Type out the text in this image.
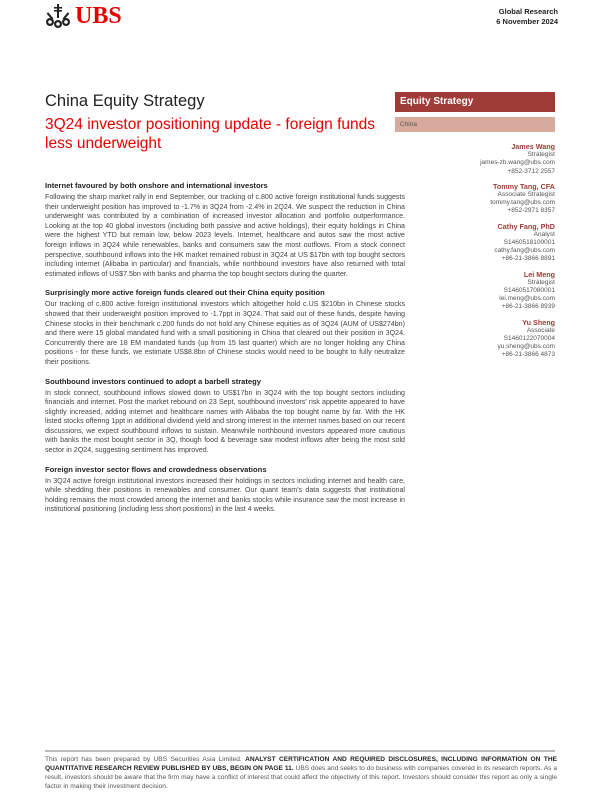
UBS	Global Research
6 November 2024
China Equity Strategy
3Q24 investor positioning update - foreign funds less underweight
Equity Strategy
China
James Wang
Strategist
james-zb.wang@ubs.com
+852-3712 2557
Tommy Tang, CFA
Associate Strategist
tommy.tang@ubs.com
+852-2971 8357
Cathy Fang, PhD
Analyst
S1460518100001
cathy.fang@ubs.com
+86-21-3866 8891
Lei Meng
Strategist
S1460517080001
lei.meng@ubs.com
+86-21-3866 8939
Yu Sheng
Associate
S1460122070004
yu.sheng@ubs.com
+86-21-3866 4873
Internet favoured by both onshore and international investors

Following the sharp market rally in end September, our tracking of c.800 active foreign institutional funds suggests their underweight position has improved to -1.7% in 3Q24 from -2.4% in 2Q24. We suspect the reduction in China underweight was contributed by a combination of increased investor allocation and portfolio outperformance. Looking at the top 40 global investors (including both passive and active holdings), their equity holdings in China were the highest YTD but remain low, below 2023 levels. Internet, healthcare and autos saw the most active foreign inflows in 3Q24 while renewables, banks and consumers saw the most outflows. From a stock connect perspective, southbound inflows into the HK market remained robust in 3Q24 at US $17bn with top bought sectors including internet (Alibaba in particular) and financials, while northbound investors have also returned with total estimated inflows of US$7.5bn with banks and pharma the top bought sectors during the quarter.

Surprisingly more active foreign funds cleared out their China equity position

Our tracking of c.800 active foreign institutional investors which altogether hold c.US $210bn in Chinese stocks showed that their underweight position improved to -1.7ppt in 3Q24. That said out of these funds, despite having Chinese stocks in their benchmark c.200 funds do not hold any Chinese equities as of 3Q24 (AUM of US$274bn) and there were 15 global mandated fund with a small positioning in China that cleared out their position in 3Q24. Concurrently there are 18 EM mandated funds (up from 15 last quarter) which are no longer holding any China positions - for these funds, we estimate US$8.8bn of Chinese stocks would need to be bought to fully neutralize their positions.

Southbound investors continued to adopt a barbell strategy

In stock connect, southbound inflows slowed down to US$17bn in 3Q24 with the top bought sectors including financials and internet. Post the market rebound on 23 Sept, southbound investors' risk appetite appeared to have slightly increased, adding internet and healthcare names with Alibaba the top bought name by far. With the HK listed stocks offering 1ppt in additional dividend yield and strong interest in the internet names based on our recent discussions, we expect southbound inflows to sustain. Meanwhile northbound investors appeared more cautious with banks the most bought sector in 3Q, though food & beverage saw modest inflows after being the most sold sector in 2Q24, suggesting sentiment has improved.

Foreign investor sector flows and crowdedness observations

In 3Q24 active foreign institutional investors increased their holdings in sectors including internet and health care, while shedding their positions in renewables and consumer. Our quant team's data suggests that institutional holding remains the most crowded among the internet and banks stocks while insurance saw the most increase in institutional positioning (including less short positions) in the last 4 weeks.

This report has been prepared by UBS Securities Asia Limited. ANALYST CERTIFICATION AND REQUIRED DISCLOSURES, INCLUDING INFORMATION ON THE QUANTITATIVE RESEARCH REVIEW PUBLISHED BY UBS, BEGIN ON PAGE 11. UBS does and seeks to do business with companies covered in its research reports. As a result, investors should be aware that the firm may have a conflict of interest that could affect the objectivity of this report. Investors should consider this report as only a single factor in making their investment decision.
